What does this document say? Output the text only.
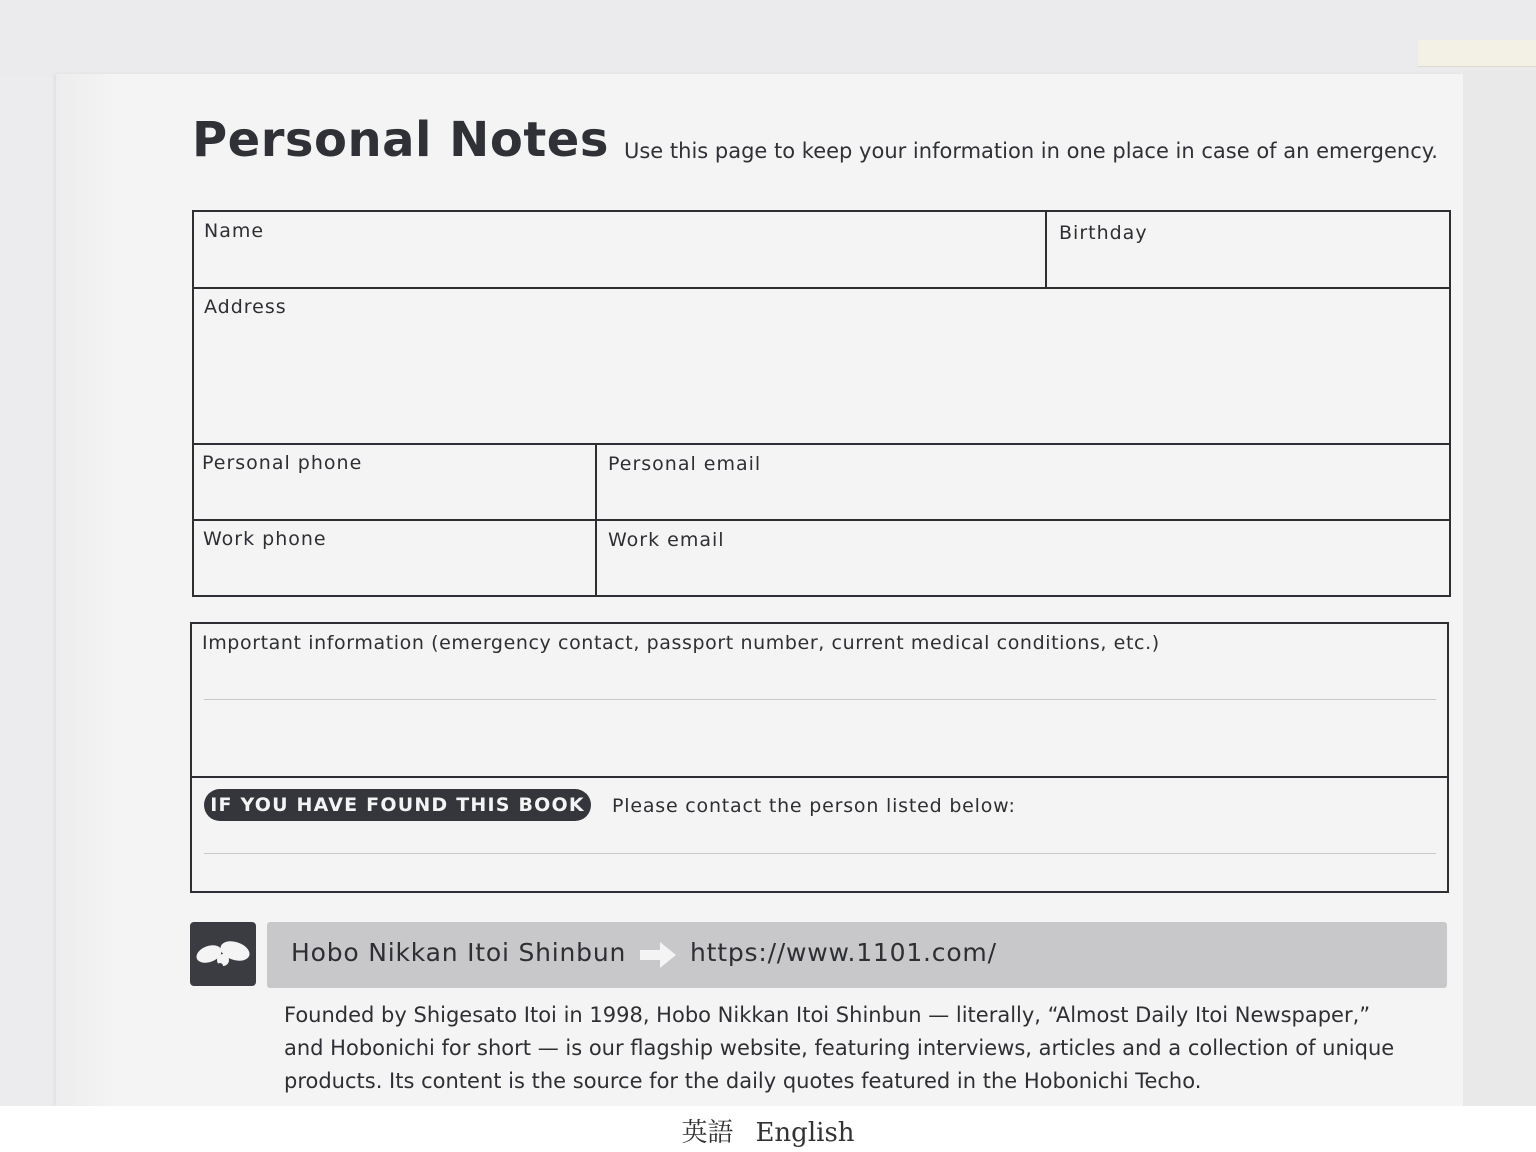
Personal Notes Use this page to keep your information in one place in case of an emergency.
Name	Birthday
Address
Personal phone	Personal email
Work phone	Work email
Important information (emergency contact, passport number, current medical conditions, etc.)
IF YOU HAVE FOUND THIS BOOK	Please contact the person listed below:
Hobo Nikkan Itoi Shinbun	https://www.1101.com/

Founded by Shigesato Itoi in 1998, Hobo Nikkan Itoi Shinbun — literally, “Almost Daily Itoi Newspaper,”

and Hobonichi for short — is our flagship website, featuring interviews, articles and a collection of unique

products. Its content is the source for the daily quotes featured in the Hobonichi Techo.

英語 English
